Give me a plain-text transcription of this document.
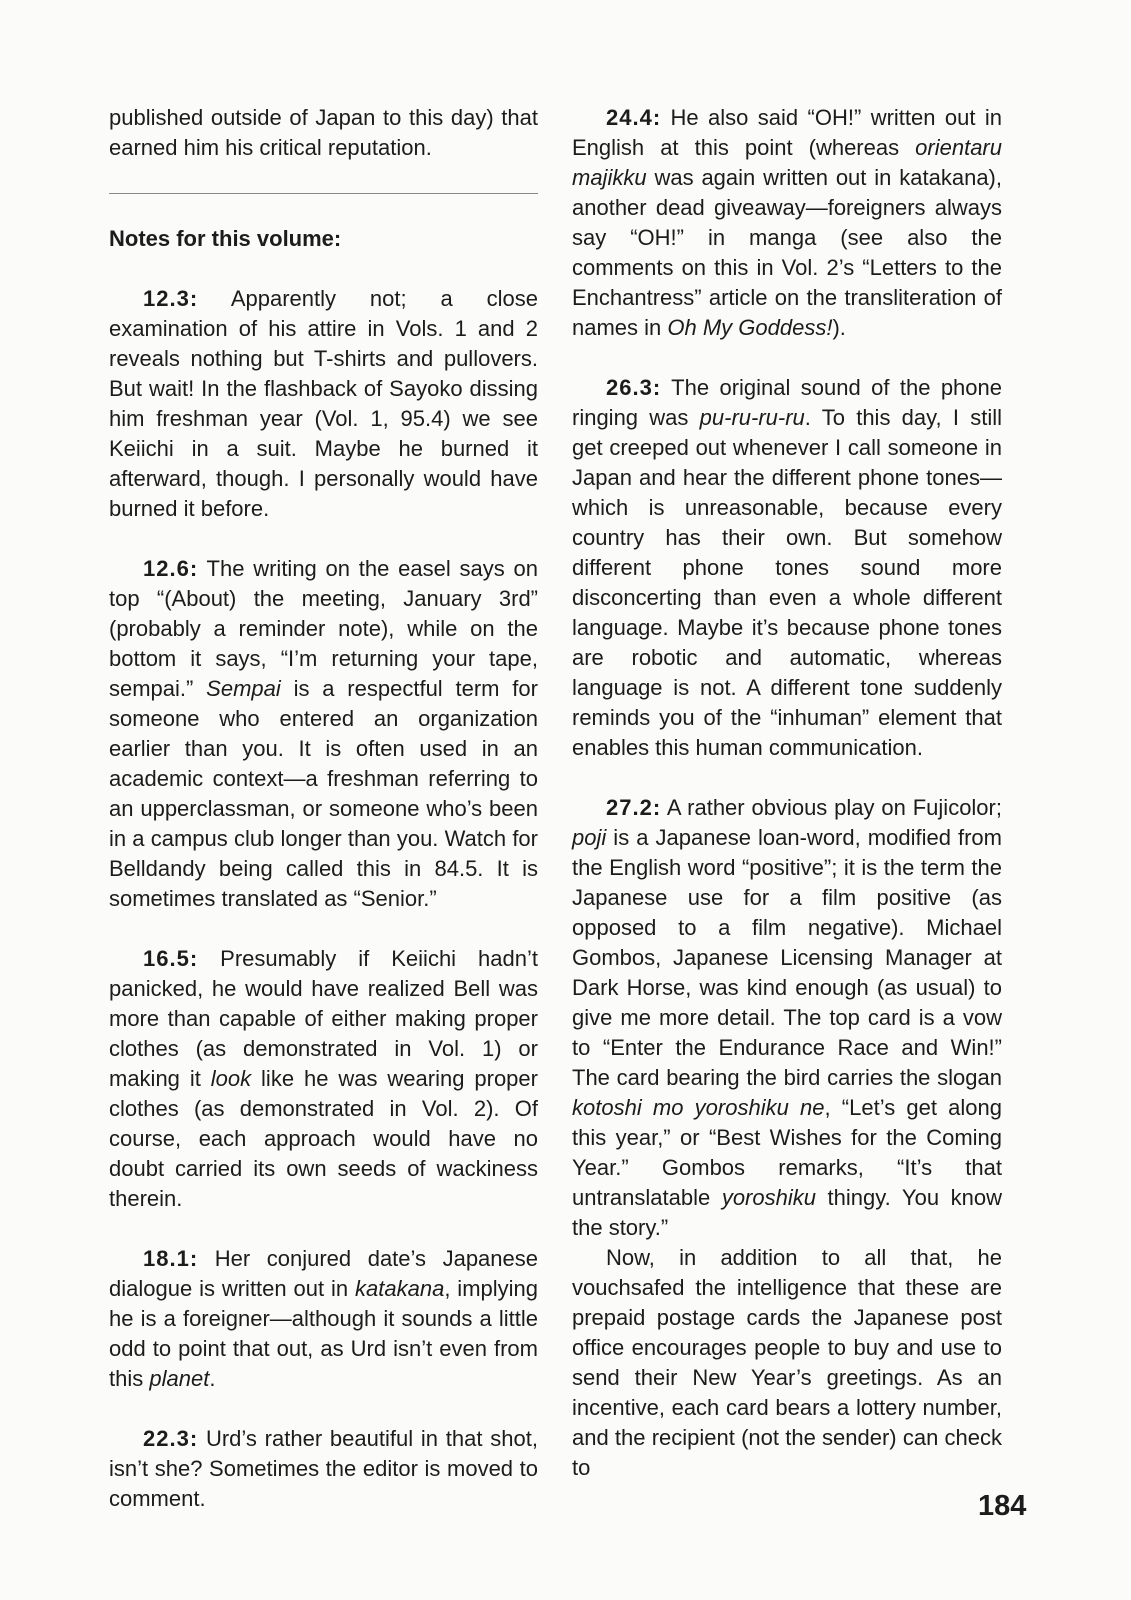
published outside of Japan to this day) that earned him his critical reputation.

Notes for this volume:

12.3: Apparently not; a close examination of his attire in Vols. 1 and 2 reveals nothing but T-shirts and pullovers. But wait! In the flashback of Sayoko dissing him freshman year (Vol. 1, 95.4) we see Keiichi in a suit. Maybe he burned it afterward, though. I personally would have burned it before.

12.6: The writing on the easel says on top “(About) the meeting, January 3rd” (probably a reminder note), while on the bottom it says, “I’m returning your tape, sempai.” Sempai is a respectful term for someone who entered an organization earlier than you. It is often used in an academic context—a freshman referring to an upperclassman, or someone who’s been in a campus club longer than you. Watch for Belldandy being called this in 84.5. It is sometimes translated as “Senior.”

16.5: Presumably if Keiichi hadn’t panicked, he would have realized Bell was more than capable of either making proper clothes (as demonstrated in Vol. 1) or making it look like he was wearing proper clothes (as demonstrated in Vol. 2). Of course, each approach would have no doubt carried its own seeds of wackiness therein.

18.1: Her conjured date’s Japanese dialogue is written out in katakana, implying he is a foreigner—although it sounds a little odd to point that out, as Urd isn’t even from this planet.

22.3: Urd’s rather beautiful in that shot, isn’t she? Sometimes the editor is moved to comment.

24.4: He also said “OH!” written out in English at this point (whereas orientaru majikku was again written out in katakana), another dead giveaway—foreigners always say “OH!” in manga (see also the comments on this in Vol. 2’s “Letters to the Enchantress” article on the transliteration of names in Oh My Goddess!).

26.3: The original sound of the phone ringing was pu-ru-ru-ru. To this day, I still get creeped out whenever I call someone in Japan and hear the different phone tones—which is unreasonable, because every country has their own. But somehow different phone tones sound more disconcerting than even a whole different language. Maybe it’s because phone tones are robotic and automatic, whereas language is not. A different tone suddenly reminds you of the “inhuman” element that enables this human communication.

27.2: A rather obvious play on Fujicolor; poji is a Japanese loan-word, modified from the English word “positive”; it is the term the Japanese use for a film positive (as opposed to a film negative). Michael Gombos, Japanese Licensing Manager at Dark Horse, was kind enough (as usual) to give me more detail. The top card is a vow to “Enter the Endurance Race and Win!” The card bearing the bird carries the slogan kotoshi mo yoroshiku ne, “Let’s get along this year,” or “Best Wishes for the Coming Year.” Gombos remarks, “It’s that untranslatable yoroshiku thingy. You know the story.”

Now, in addition to all that, he vouchsafed the intelligence that these are prepaid postage cards the Japanese post office encourages people to buy and use to send their New Year’s greetings. As an incentive, each card bears a lottery number, and the recipient (not the sender) can check to

184
